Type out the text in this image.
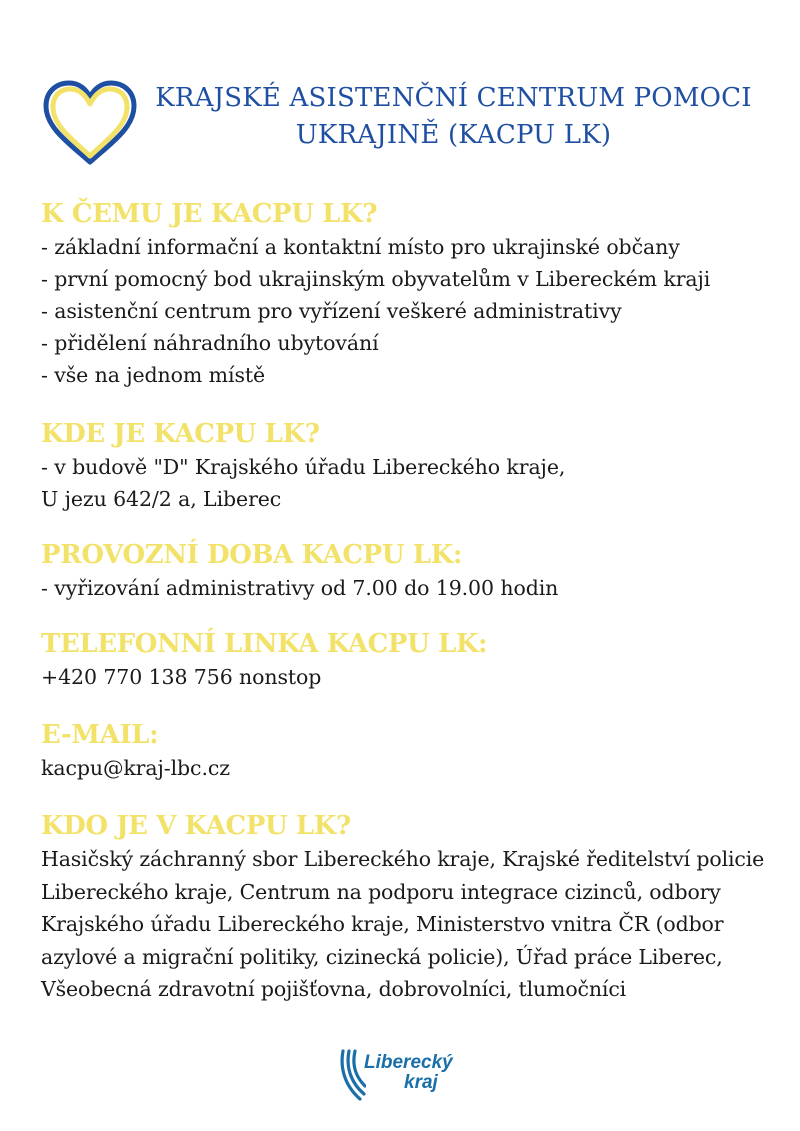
KRAJSKÉ ASISTENČNÍ CENTRUM POMOCI
UKRAJINĚ (KACPU LK)
K ČEMU JE KACPU LK?
- základní informační a kontaktní místo pro ukrajinské občany
- první pomocný bod ukrajinským obyvatelům v Libereckém kraji
- asistenční centrum pro vyřízení veškeré administrativy
- přidělení náhradního ubytování
- vše na jednom místě
KDE JE KACPU LK?
- v budově "D" Krajského úřadu Libereckého kraje,
U jezu 642/2 a, Liberec
PROVOZNÍ DOBA KACPU LK:
- vyřizování administrativy od 7.00 do 19.00 hodin
TELEFONNÍ LINKA KACPU LK:
+420 770 138 756 nonstop
E-MAIL:
kacpu@kraj-lbc.cz
KDO JE V KACPU LK?
Hasičský záchranný sbor Libereckého kraje, Krajské ředitelství policie Libereckého kraje, Centrum na podporu integrace cizinců, odbory Krajského úřadu Libereckého kraje, Ministerstvo vnitra ČR (odbor azylové a migrační politiky, cizinecká policie), Úřad práce Liberec, Všeobecná zdravotní pojišťovna, dobrovolníci, tlumočníci
Liberecký
kraj
